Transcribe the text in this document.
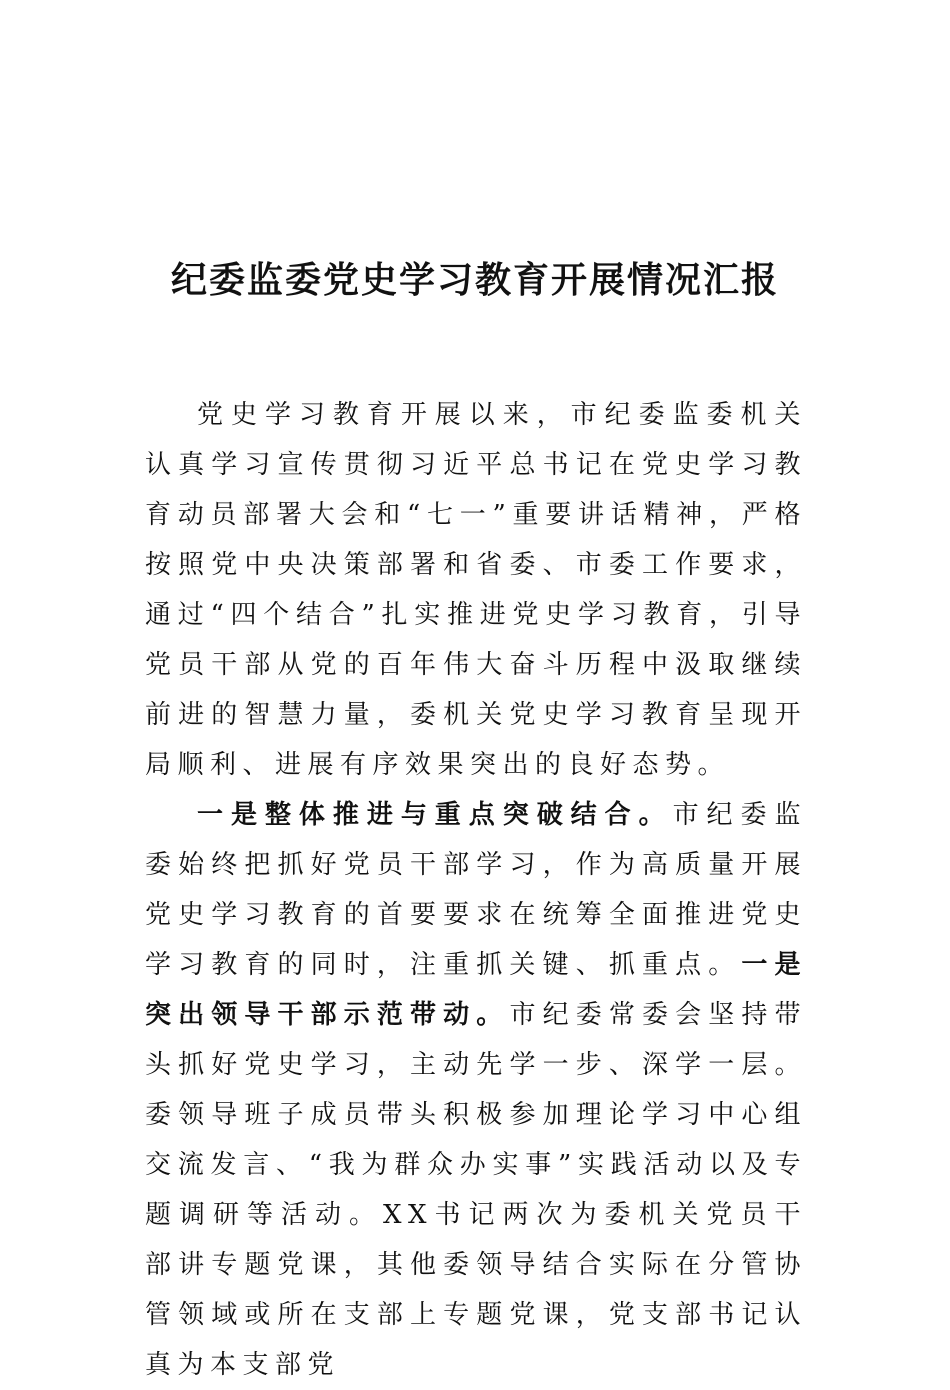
纪委监委党史学习教育开展情况汇报

党史学习教育开展以来，市纪委监委机关认真学习宣传贯彻习近平总书记在党史学习教育动员部署大会和“七一”重要讲话精神，严格按照党中央决策部署和省委、市委工作要求，通过“四个结合”扎实推进党史学习教育，引导党员干部从党的百年伟大奋斗历程中汲取继续前进的智慧力量，委机关党史学习教育呈现开局顺利、进展有序效果突出的良好态势。

一是整体推进与重点突破结合。市纪委监委始终把抓好党员干部学习，作为高质量开展党史学习教育的首要要求在统筹全面推进党史学习教育的同时，注重抓关键、抓重点。一是突出领导干部示范带动。市纪委常委会坚持带头抓好党史学习，主动先学一步、深学一层。委领导班子成员带头积极参加理论学习中心组交流发言、“我为群众办实事”实践活动以及专题调研等活动。XX书记两次为委机关党员干部讲专题党课，其他委领导结合实际在分管协管领域或所在支部上专题党课，党支部书记认真为本支部党
